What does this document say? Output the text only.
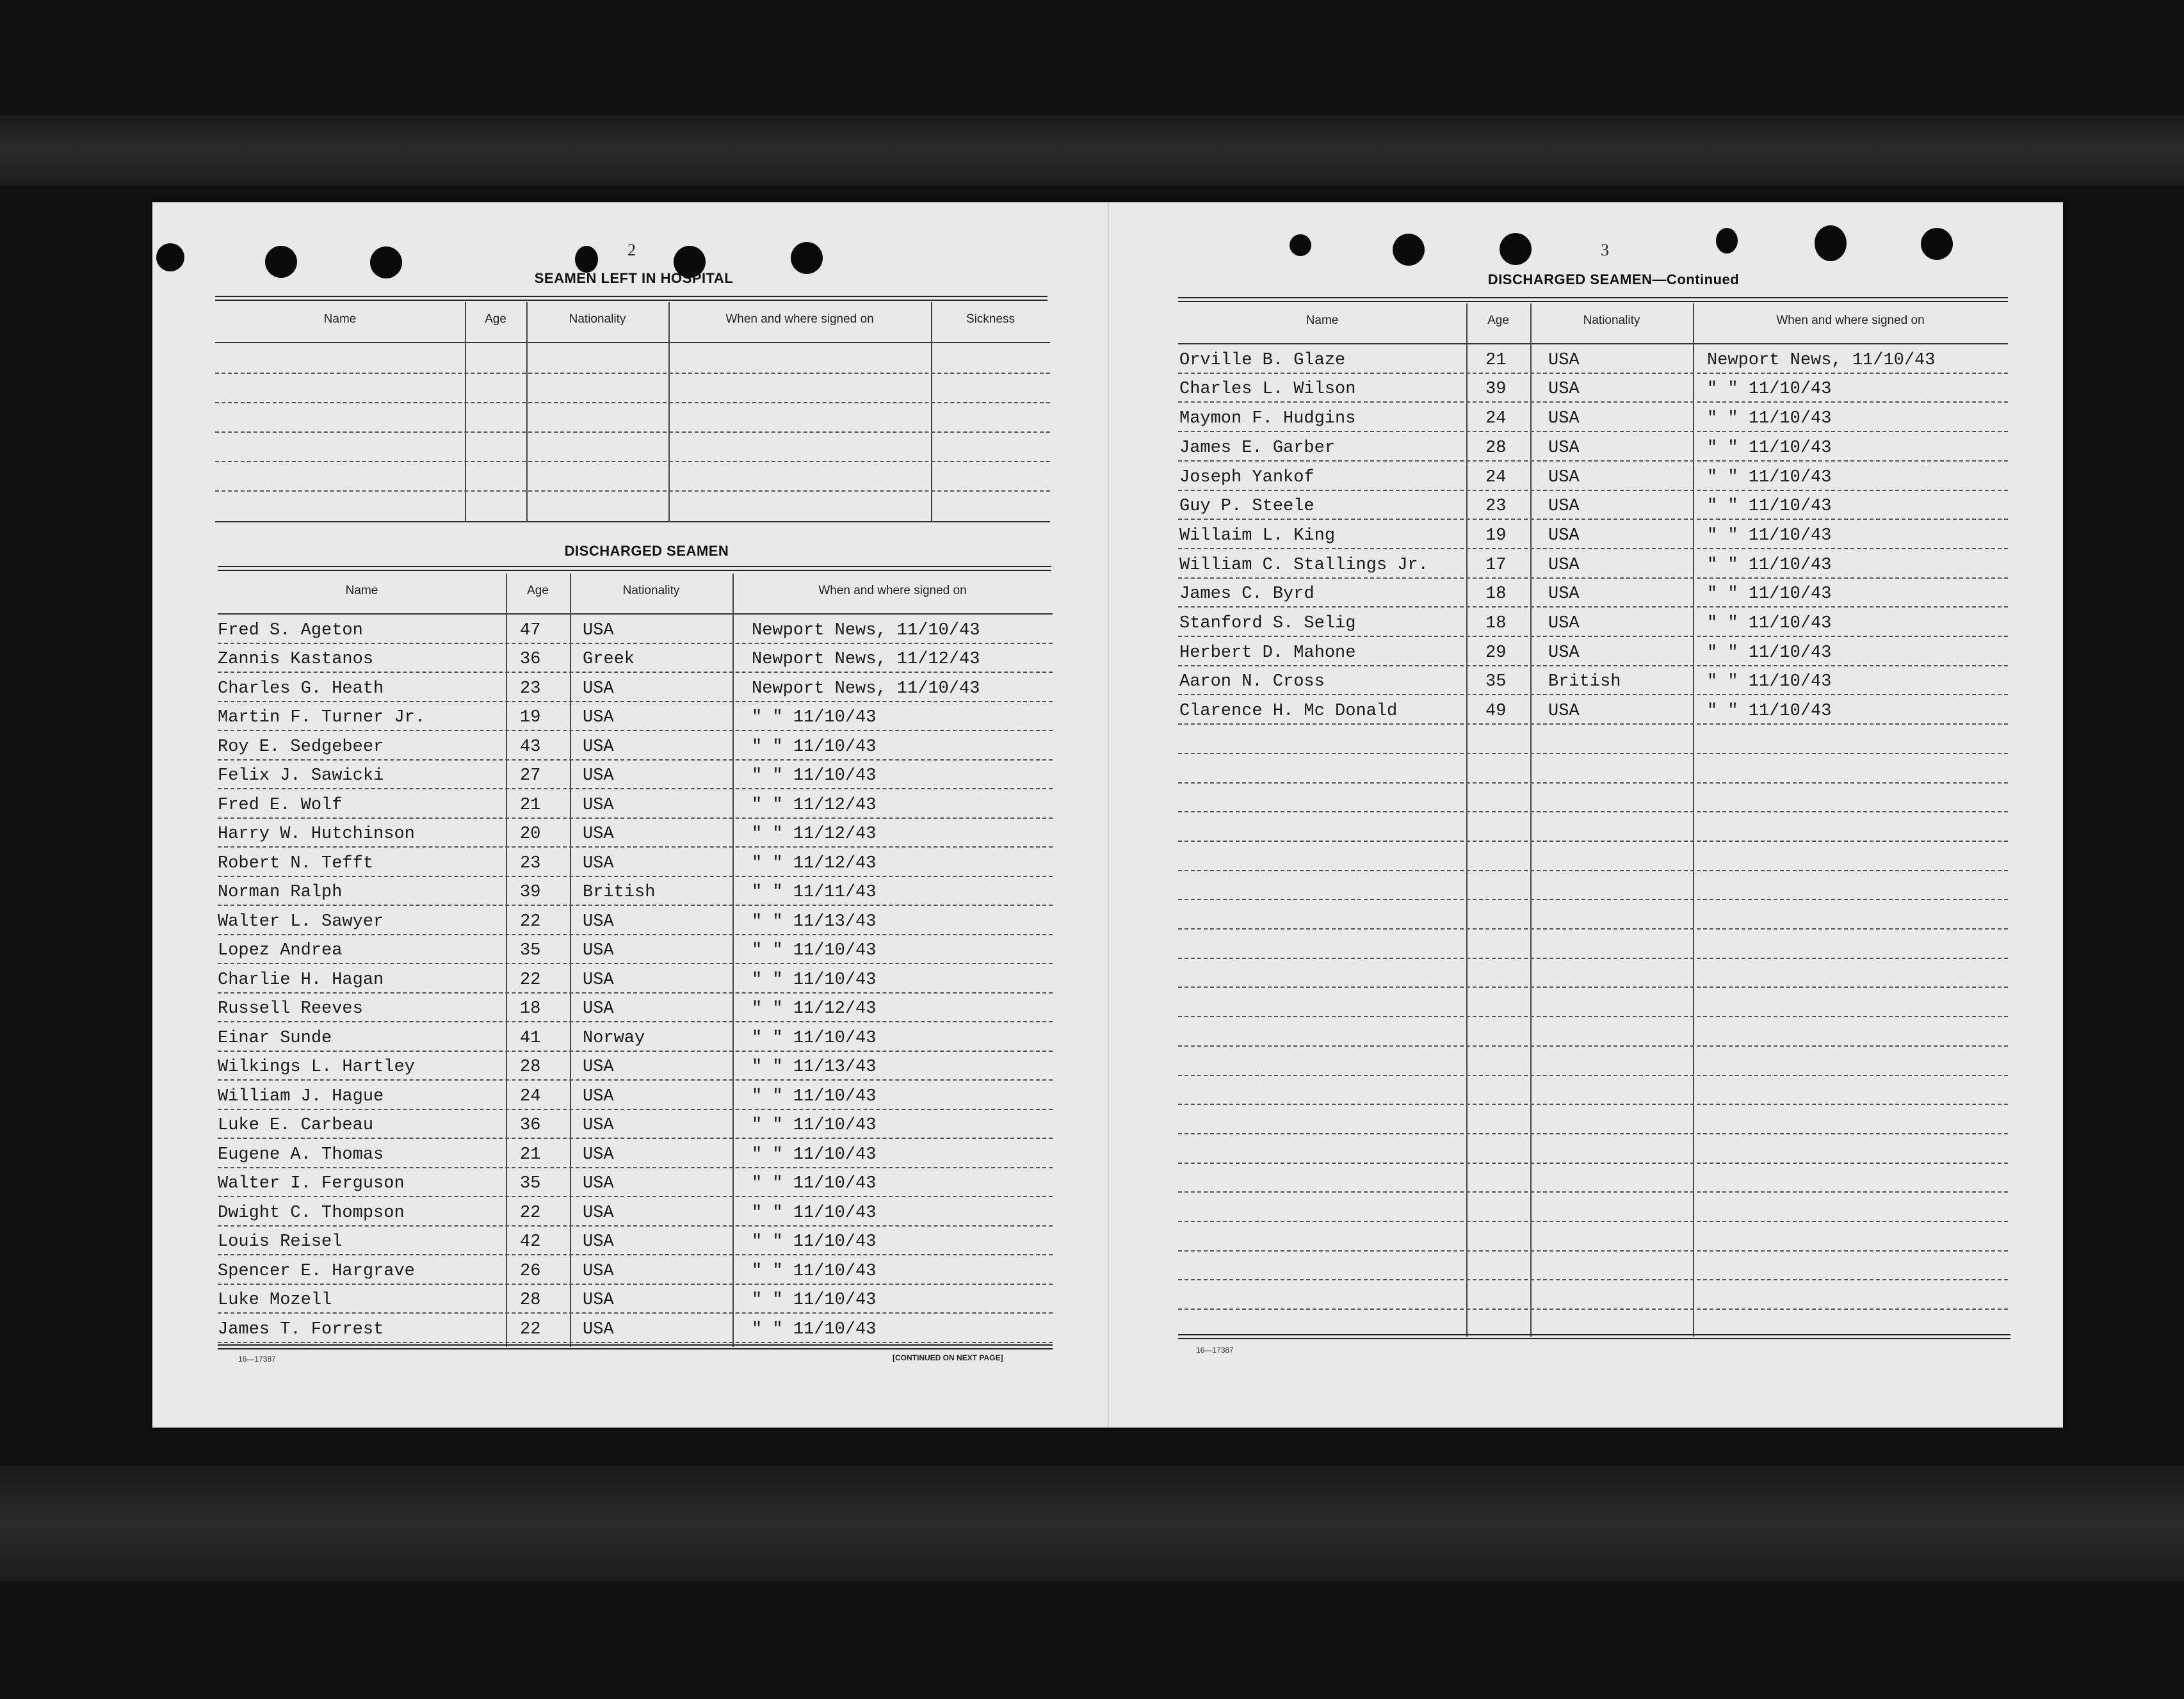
2
SEAMEN LEFT IN HOSPITAL
Name	Age	Nationality	When and where signed on	Sickness
DISCHARGED SEAMEN
Name	Age	Nationality	When and where signed on
Fred S. Ageton	47 USA	Newport News, 11/10/43
Zannis Kastanos	36 Greek	Newport News, 11/12/43
Charles G. Heath	23 USA	Newport News, 11/10/43
Martin F. Turner Jr.	19 USA	" " 11/10/43
Roy E. Sedgebeer	43 USA	" " 11/10/43
Felix J. Sawicki	27 USA	" " 11/10/43
Fred E. Wolf	21 USA	" " 11/12/43
Harry W. Hutchinson	20 USA	" " 11/12/43
Robert N. Tefft	23 USA	" " 11/12/43
Norman Ralph	39 British	" " 11/11/43
Walter L. Sawyer	22 USA	" " 11/13/43
Lopez Andrea	35 USA	" " 11/10/43
Charlie H. Hagan	22 USA	" " 11/10/43
Russell Reeves	18 USA	" " 11/12/43
Einar Sunde	41 Norway	" " 11/10/43
Wilkings L. Hartley	28 USA	" " 11/13/43
William J. Hague	24 USA	" " 11/10/43
Luke E. Carbeau	36 USA	" " 11/10/43
Eugene A. Thomas	21 USA	" " 11/10/43
Walter I. Ferguson	35 USA	" " 11/10/43
Dwight C. Thompson	22 USA	" " 11/10/43
Louis Reisel	42 USA	" " 11/10/43
Spencer E. Hargrave	26 USA	" " 11/10/43
Luke Mozell	28 USA	" " 11/10/43
James T. Forrest	22 USA	" " 11/10/43
16—17387	[CONTINUED ON NEXT PAGE]
3
DISCHARGED SEAMEN—Continued
Name	Age	Nationality	When and where signed on
Orville B. Glaze	21 USA	Newport News, 11/10/43
Charles L. Wilson	39 USA	" " 11/10/43
Maymon F. Hudgins	24 USA	" " 11/10/43
James E. Garber	28 USA	" " 11/10/43
Joseph Yankof	24 USA	" " 11/10/43
Guy P. Steele	23 USA	" " 11/10/43
Willaim L. King	19 USA	" " 11/10/43
William C. Stallings Jr.	17 USA	" " 11/10/43
James C. Byrd	18 USA	" " 11/10/43
Stanford S. Selig	18 USA	" " 11/10/43
Herbert D. Mahone	29 USA	" " 11/10/43
Aaron N. Cross	35 British	" " 11/10/43
Clarence H. Mc Donald	49 USA	" " 11/10/43
16—17387
